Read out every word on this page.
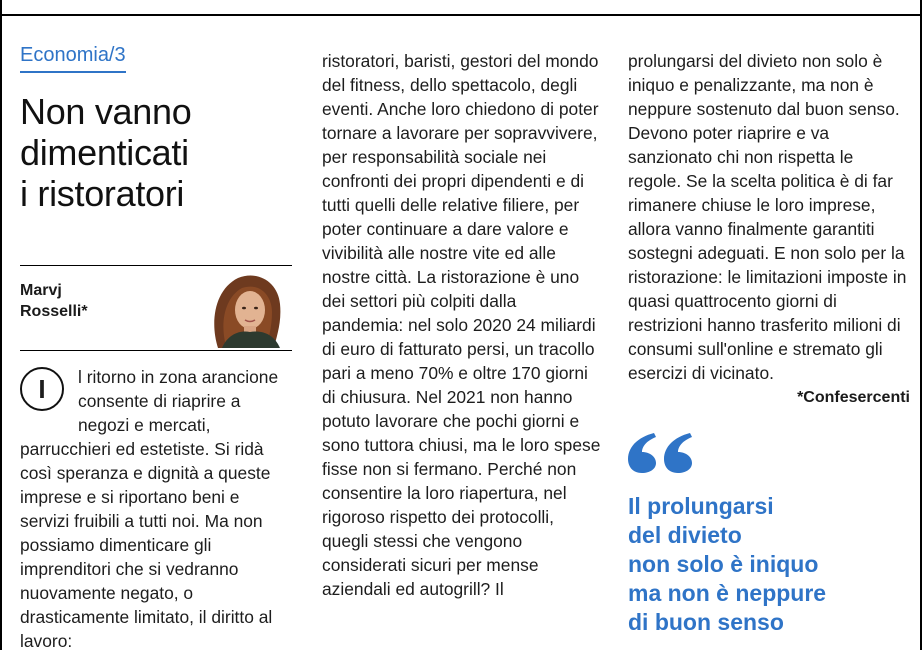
Economia/3
Non vanno
dimenticati
i ristoratori
Marvj
Rosselli*
I	l ritorno in zona arancione consente di riaprire a negozi e mercati, parrucchieri ed estetiste. Si ridà così speranza e dignità a queste imprese e si riportano beni e servizi fruibili a tutti noi. Ma non possiamo dimenticare gli imprenditori che si vedranno nuovamente negato, o drasticamente limitato, il diritto al lavoro:
ristoratori, baristi, gestori del mondo del fitness, dello spettacolo, degli eventi. Anche loro chiedono di poter tornare a lavorare per sopravvivere, per responsabilità sociale nei confronti dei propri dipendenti e di tutti quelli delle relative filiere, per poter continuare a dare valore e vivibilità alle nostre vite ed alle nostre città. La ristorazione è uno dei settori più colpiti dalla pandemia: nel solo 2020 24 miliardi di euro di fatturato persi, un tracollo pari a meno 70% e oltre 170 giorni di chiusura. Nel 2021 non hanno potuto lavorare che pochi giorni e sono tuttora chiusi, ma le loro spese fisse non si fermano. Perché non consentire la loro riapertura, nel rigoroso rispetto dei protocolli, quegli stessi che vengono considerati sicuri per mense aziendali ed autogrill? Il
prolungarsi del divieto non solo è iniquo e penalizzante, ma non è neppure sostenuto dal buon senso. Devono poter riaprire e va sanzionato chi non rispetta le regole. Se la scelta politica è di far rimanere chiuse le loro imprese, allora vanno finalmente garantiti sostegni adeguati. E non solo per la ristorazione: le limitazioni imposte in quasi quattrocento giorni di restrizioni hanno trasferito milioni di consumi sull'online e stremato gli esercizi di vicinato.
*Confesercenti
Il prolungarsi
del divieto
non solo è iniquo
ma non è neppure
di buon senso
